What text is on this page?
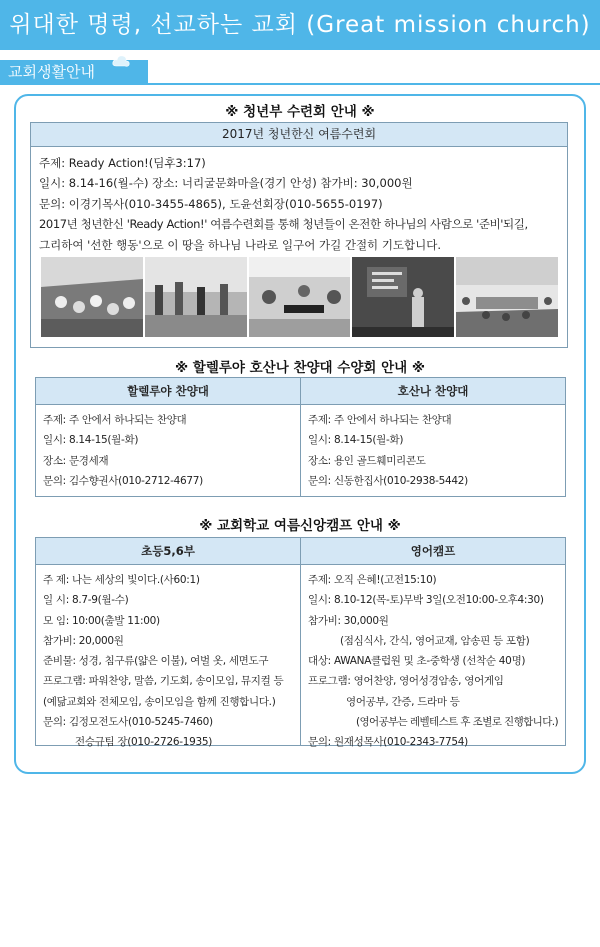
위대한 명령, 선교하는 교회 (Great mission church)
교회생활안내
※ 청년부 수련회 안내 ※
2017년 청년한신 여름수련회
주제: Ready Action!(딤후3:17)
일시: 8.14-16(월-수) 장소: 너리굴문화마을(경기 안성) 참가비: 30,000원
문의: 이경기목사(010-3455-4865), 도윤선회장(010-5655-0197)
2017년 청년한신 'Ready Action!' 여름수련회를 통해 청년들이 온전한 하나님의 사람으로 '준비'되길,
그리하여 '선한 행동'으로 이 땅을 하나님 나라로 일구어 가길 간절히 기도합니다.
※ 할렐루야 호산나 찬양대 수양회 안내 ※
할렐루야 찬양대
주제: 주 안에서 하나되는 찬양대
일시: 8.14-15(월-화)
장소: 문경세재
문의: 김수향권사(010-2712-4677)
호산나 찬양대
주제: 주 안에서 하나되는 찬양대
일시: 8.14-15(월-화)
장소: 용인 골드훼미리콘도
문의: 신동한집사(010-2938-5442)
※ 교회학교 여름신앙캠프 안내 ※
초등5,6부
주 제: 나는 세상의 빛이다.(사60:1)
일 시: 8.7-9(월-수)
모 임: 10:00(출발 11:00)
참가비: 20,000원
준비물: 성경, 침구류(얇은 이불), 여벌 옷, 세면도구
프로그램: 파워찬양, 말씀, 기도회, 송이모임, 뮤지컬 등
(예닮교회와 전체모임, 송이모임을 함께 진행합니다.)
문의: 김정모전도사(010-5245-7460)
전승규팀 장(010-2726-1935)
영어캠프
주제: 오직 은혜!(고전15:10)
일시: 8.10-12(목-토)무박 3일(오전10:00-오후4:30)
참가비: 30,000원
(점심식사, 간식, 영어교재, 암송핀 등 포함)
대상: AWANA클럽원 및 초-중학생 (선착순 40명)
프로그램: 영어찬양, 영어성경암송, 영어게임
영어공부, 간증, 드라마 등
(영어공부는 레벨테스트 후 조별로 진행합니다.)
문의: 원재성목사(010-2343-7754)
